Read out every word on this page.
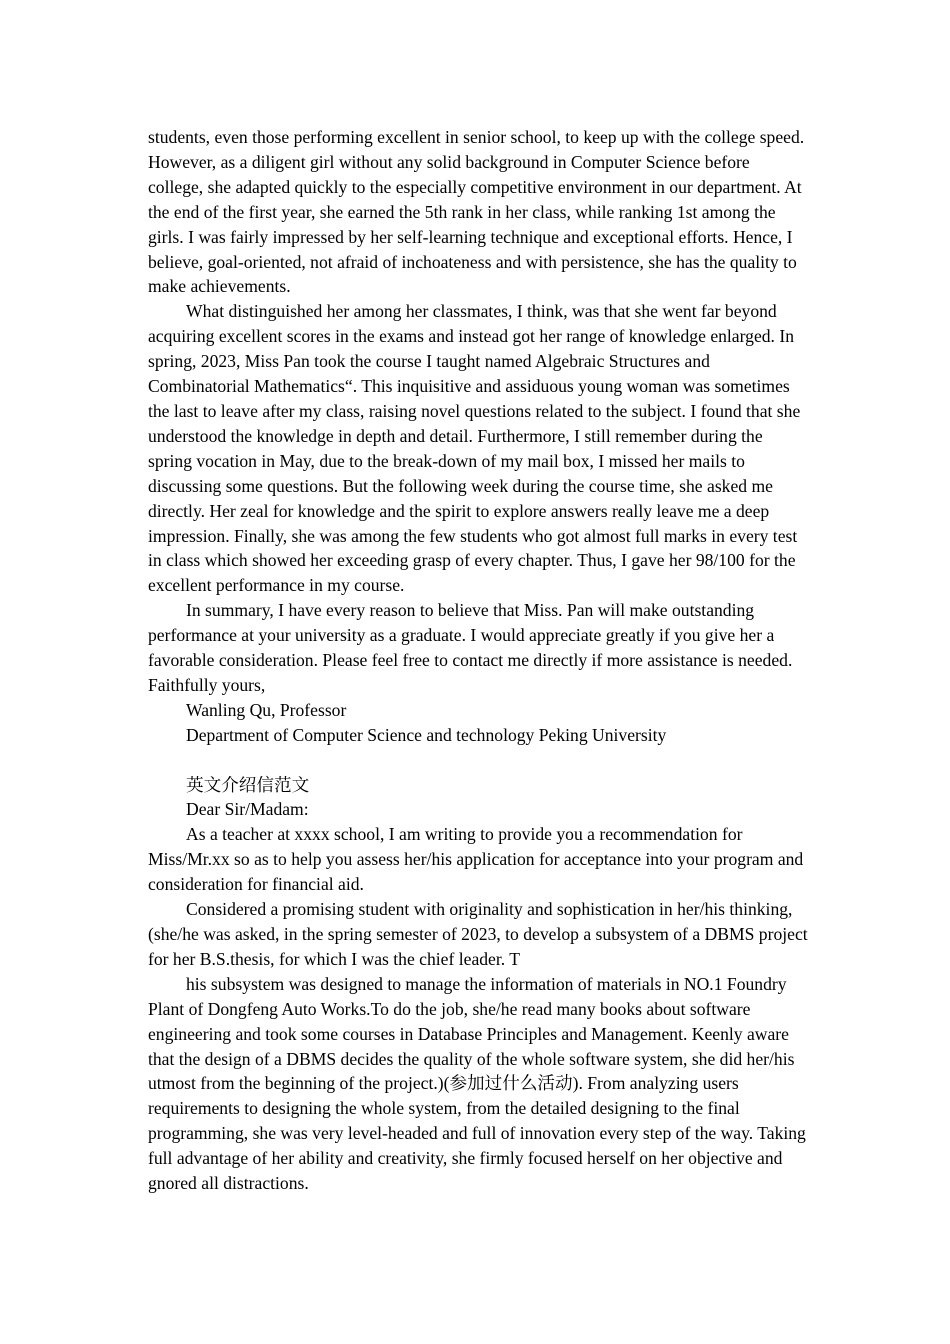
students, even those performing excellent in senior school, to keep up with the college speed. However, as a diligent girl without any solid background in Computer Science before college, she adapted quickly to the especially competitive environment in our department. At the end of the first year, she earned the 5th rank in her class, while ranking 1st among the girls. I was fairly impressed by her self-learning technique and exceptional efforts. Hence, I believe, goal-oriented, not afraid of inchoateness and with persistence, she has the quality to make achievements.

What distinguished her among her classmates, I think, was that she went far beyond acquiring excellent scores in the exams and instead got her range of knowledge enlarged. In spring, 2023, Miss Pan took the course I taught named Algebraic Structures and Combinatorial Mathematics“. This inquisitive and assiduous young woman was sometimes the last to leave after my class, raising novel questions related to the subject. I found that she understood the knowledge in depth and detail. Furthermore, I still remember during the spring vocation in May, due to the break-down of my mail box, I missed her mails to discussing some questions. But the following week during the course time, she asked me directly. Her zeal for knowledge and the spirit to explore answers really leave me a deep impression. Finally, she was among the few students who got almost full marks in every test in class which showed her exceeding grasp of every chapter. Thus, I gave her 98/100 for the excellent performance in my course.

In summary, I have every reason to believe that Miss. Pan will make outstanding performance at your university as a graduate. I would appreciate greatly if you give her a favorable consideration. Please feel free to contact me directly if more assistance is needed. Faithfully yours,

Wanling Qu, Professor

Department of Computer Science and technology Peking University

英文介绍信范文

Dear Sir/Madam:

As a teacher at xxxx school, I am writing to provide you a recommendation for Miss/Mr.xx so as to help you assess her/his application for acceptance into your program and consideration for financial aid.

Considered a promising student with originality and sophistication in her/his thinking, (she/he was asked, in the spring semester of 2023, to develop a subsystem of a DBMS project for her B.S.thesis, for which I was the chief leader. T

his subsystem was designed to manage the information of materials in NO.1 Foundry Plant of Dongfeng Auto Works.To do the job, she/he read many books about software engineering and took some courses in Database Principles and Management. Keenly aware that the design of a DBMS decides the quality of the whole software system, she did her/his utmost from the beginning of the project.)(参加过什么活动). From analyzing users requirements to designing the whole system, from the detailed designing to the final programming, she was very level-headed and full of innovation every step of the way. Taking full advantage of her ability and creativity, she firmly focused herself on her objective and gnored all distractions.
